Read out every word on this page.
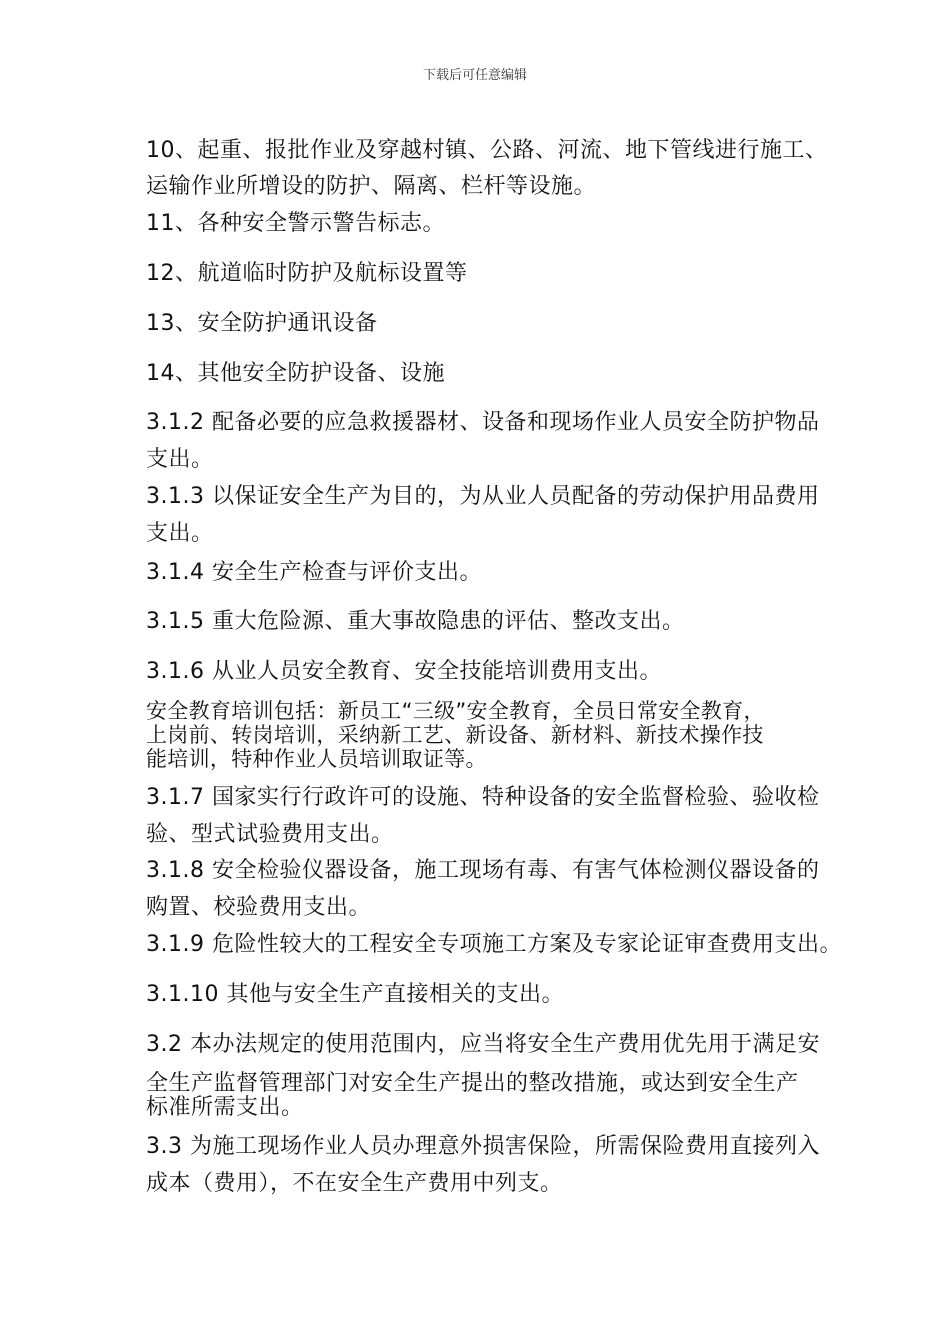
下载后可任意编辑
10、起重、报批作业及穿越村镇、公路、河流、地下管线进行施工、
运输作业所增设的防护、隔离、栏杆等设施。
11、各种安全警示警告标志。
12、航道临时防护及航标设置等
13、安全防护通讯设备
14、其他安全防护设备、设施
3.1.2 配备必要的应急救援器材、设备和现场作业人员安全防护物品
支出。
3.1.3 以保证安全生产为目的，为从业人员配备的劳动保护用品费用
支出。
3.1.4 安全生产检查与评价支出。
3.1.5 重大危险源、重大事故隐患的评估、整改支出。
3.1.6 从业人员安全教育、安全技能培训费用支出。
安全教育培训包括：新员工“三级”安全教育，全员日常安全教育，
上岗前、转岗培训，采纳新工艺、新设备、新材料、新技术操作技
能培训，特种作业人员培训取证等。
3.1.7 国家实行行政许可的设施、特种设备的安全监督检验、验收检
验、型式试验费用支出。
3.1.8 安全检验仪器设备，施工现场有毒、有害气体检测仪器设备的
购置、校验费用支出。
3.1.9 危险性较大的工程安全专项施工方案及专家论证审查费用支出。
3.1.10 其他与安全生产直接相关的支出。
3.2 本办法规定的使用范围内，应当将安全生产费用优先用于满足安
全生产监督管理部门对安全生产提出的整改措施，或达到安全生产
标准所需支出。
3.3 为施工现场作业人员办理意外损害保险，所需保险费用直接列入
成本（费用），不在安全生产费用中列支。
